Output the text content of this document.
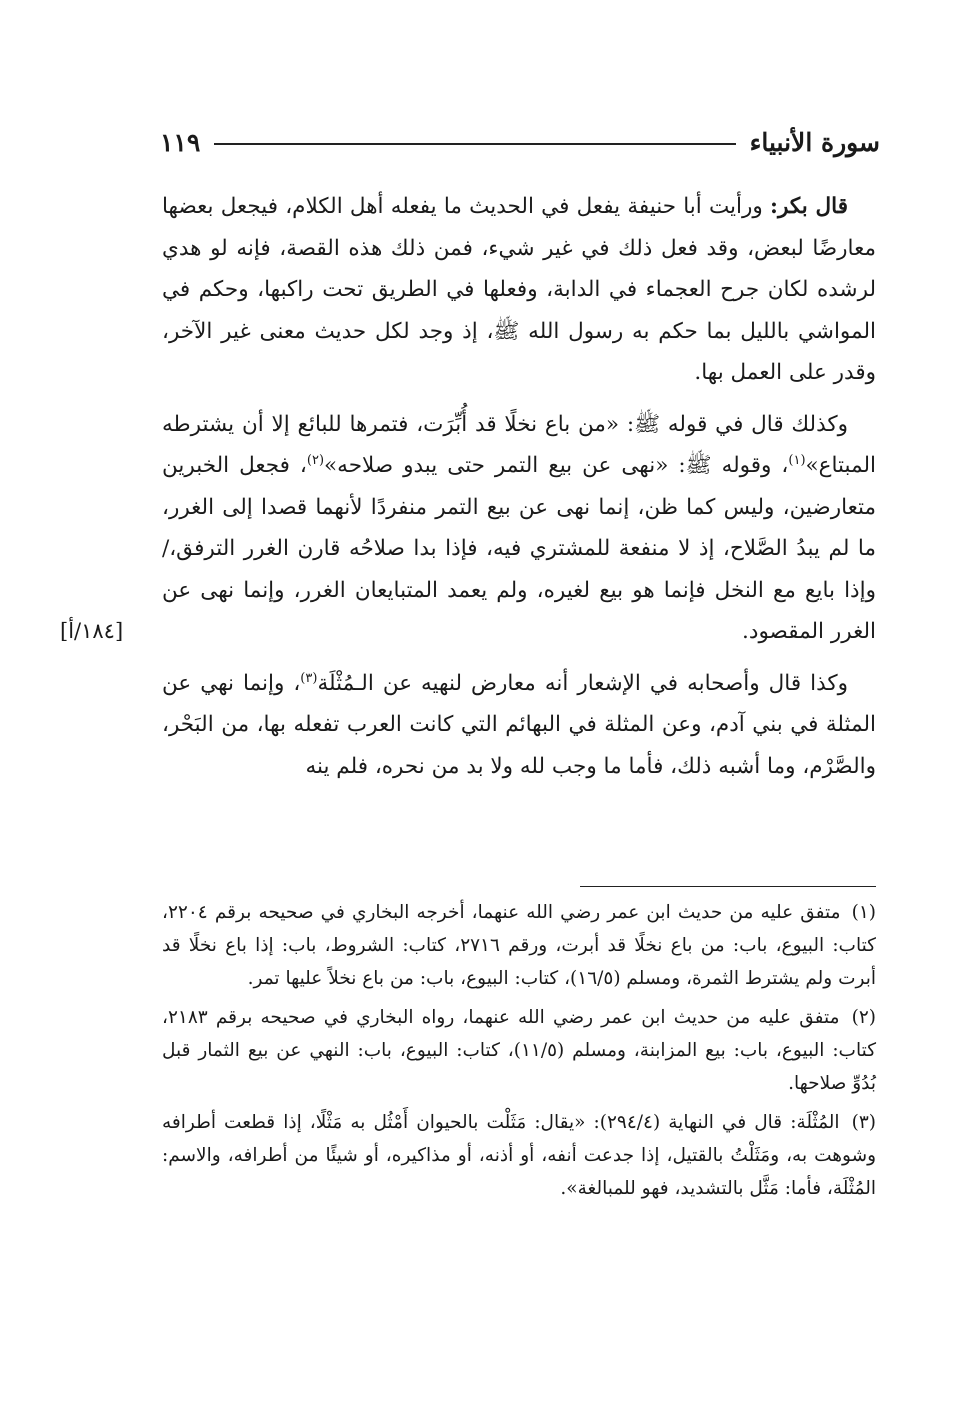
سورة الأنبياء
١١٩
[١٨٤/أ]

قال بكر: ورأيت أبا حنيفة يفعل في الحديث ما يفعله أهل الكلام، فيجعل بعضها معارضًا لبعض، وقد فعل ذلك في غير شيء، فمن ذلك هذه القصة، فإنه لو هدي لرشده لكان جرح العجماء في الدابة، وفعلها في الطريق تحت راكبها، وحكم في المواشي بالليل بما حكم به رسول الله ﷺ، إذ وجد لكل حديث معنى غير الآخر، وقدر على العمل بها.

وكذلك قال في قوله ﷺ: «من باع نخلًا قد أُبِّرَت، فتمرها للبائع إلا أن يشترطه المبتاع»$^{(١)}$، وقوله ﷺ: «نهى عن بيع التمر حتى يبدو صلاحه»$^{(٢)}$، فجعل الخبرين متعارضين، وليس كما ظن، إنما نهى عن بيع التمر منفردًا لأنهما قصدا إلى الغرر، ما لم يبدُ الصَّلاح، إذ لا منفعة للمشتري فيه، فإذا بدا صلاحُه قارن الغرر الترفق،/ وإذا بايع مع النخل فإنما هو بيع لغيره، ولم يعمد المتبايعان الغرر، وإنما نهى عن الغرر المقصود.

وكذا قال وأصحابه في الإشعار أنه معارض لنهيه عن الـمُثْلَة$^{(٣)}$، وإنما نهي عن المثلة في بني آدم، وعن المثلة في البهائم التي كانت العرب تفعله بها، من البَحْر، والصَّرْم، وما أشبه ذلك، فأما ما وجب لله ولا بد من نحره، فلم ينه

(١) متفق عليه من حديث ابن عمر رضي الله عنهما، أخرجه البخاري في صحيحه برقم ٢٢٠٤، كتاب: البيوع، باب: من باع نخلًا قد أبرت، ورقم ٢٧١٦، كتاب: الشروط، باب: إذا باع نخلًا قد أبرت ولم يشترط الثمرة، ومسلم (١٦/٥)، كتاب: البيوع، باب: من باع نخلاً عليها تمر.

(٢) متفق عليه من حديث ابن عمر رضي الله عنهما، رواه البخاري في صحيحه برقم ٢١٨٣، كتاب: البيوع، باب: بيع المزابنة، ومسلم (١١/٥)، كتاب: البيوع، باب: النهي عن بيع الثمار قبل بُدُوِّ صلاحها.

(٣) المُثْلَة: قال في النهاية (٢٩٤/٤): «يقال: مَثَلْت بالحيوان أَمْثُل به مَثْلًا، إذا قطعت أطرافه وشوهت به، ومَثَلْتُ بالقتيل، إذا جدعت أنفه، أو أذنه، أو مذاكيره، أو شيئًا من أطرافه، والاسم: المُثْلَة، فأما: مَثَّل بالتشديد، فهو للمبالغة».
